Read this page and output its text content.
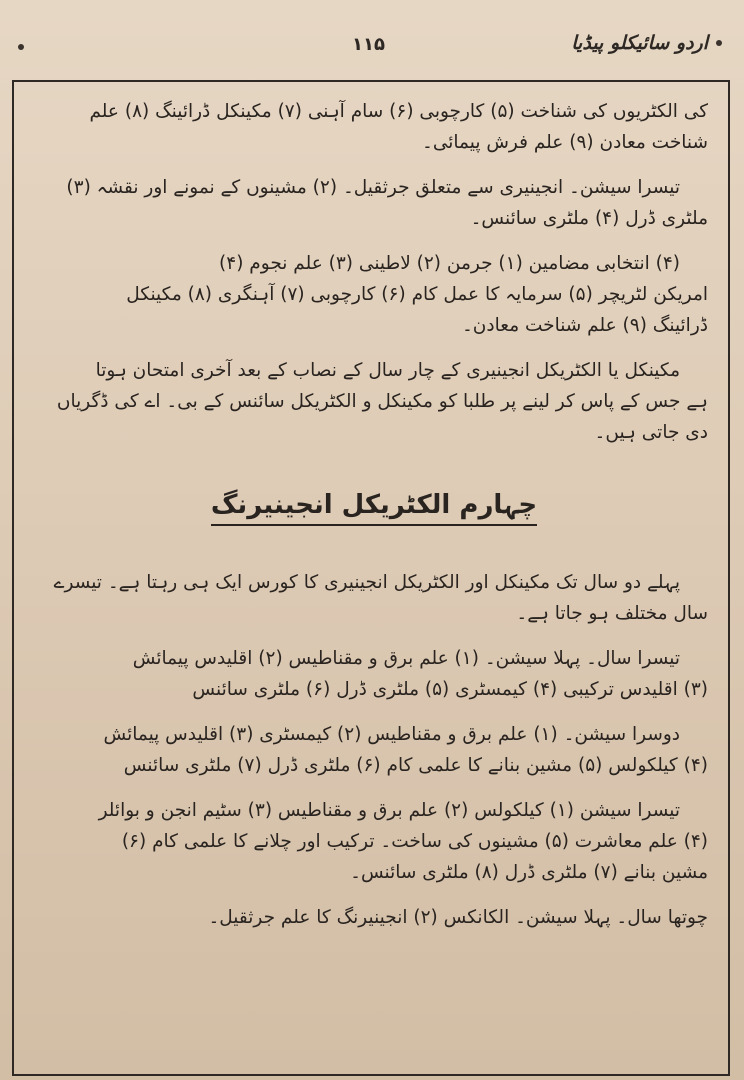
اردو سائیکلو پیڈیا
۱۱۵
کی الکٹریوں کی شناخت (۵) کارچوبی (۶) سام آہنی (۷) مکینکل ڈرائینگ (۸) علم
شناخت معادن (۹) علم فرش پیمائی۔
تیسرا سیشن۔ انجینیری سے متعلق جرثقیل۔ (۲) مشینوں کے نمونے اور نقشہ (۳)
ملٹری ڈرل (۴) ملٹری سائنس۔
(۴) انتخابی مضامین (۱) جرمن (۲) لاطینی (۳) علم نجوم (۴)
امریکن لٹریچر (۵) سرمایہ کا عمل کام (۶) کارچوبی (۷) آہنگری (۸) مکینکل
ڈرائینگ (۹) علم شناخت معادن۔
مکینکل یا الکٹریکل انجینیری کے چار سال کے نصاب کے بعد آخری امتحان ہوتا
ہے جس کے پاس کر لینے پر طلبا کو مکینکل و الکٹریکل سائنس کے بی۔ اے کی ڈگریاں
دی جاتی ہیں۔
چہارم الکٹریکل انجینیرنگ
پہلے دو سال تک مکینکل اور الکٹریکل انجینیری کا کورس ایک ہی رہتا ہے۔ تیسرے
سال مختلف ہو جاتا ہے۔
تیسرا سال۔ پہلا سیشن۔ (۱) علم برق و مقناطیس (۲) اقلیدس پیمائش
(۳) اقلیدس ترکیبی (۴) کیمسٹری (۵) ملٹری ڈرل (۶) ملٹری سائنس
دوسرا سیشن۔ (۱) علم برق و مقناطیس (۲) کیمسٹری (۳) اقلیدس پیمائش
(۴) کیلکولس (۵) مشین بنانے کا علمی کام (۶) ملٹری ڈرل (۷) ملٹری سائنس
تیسرا سیشن (۱) کیلکولس (۲) علم برق و مقناطیس (۳) سٹیم انجن و بوائلر
(۴) علم معاشرت (۵) مشینوں کی ساخت۔ ترکیب اور چلانے کا علمی کام (۶)
مشین بنانے (۷) ملٹری ڈرل (۸) ملٹری سائنس۔
چوتھا سال۔ پہلا سیشن۔ الکانکس (۲) انجینیرنگ کا علم جرثقیل۔
